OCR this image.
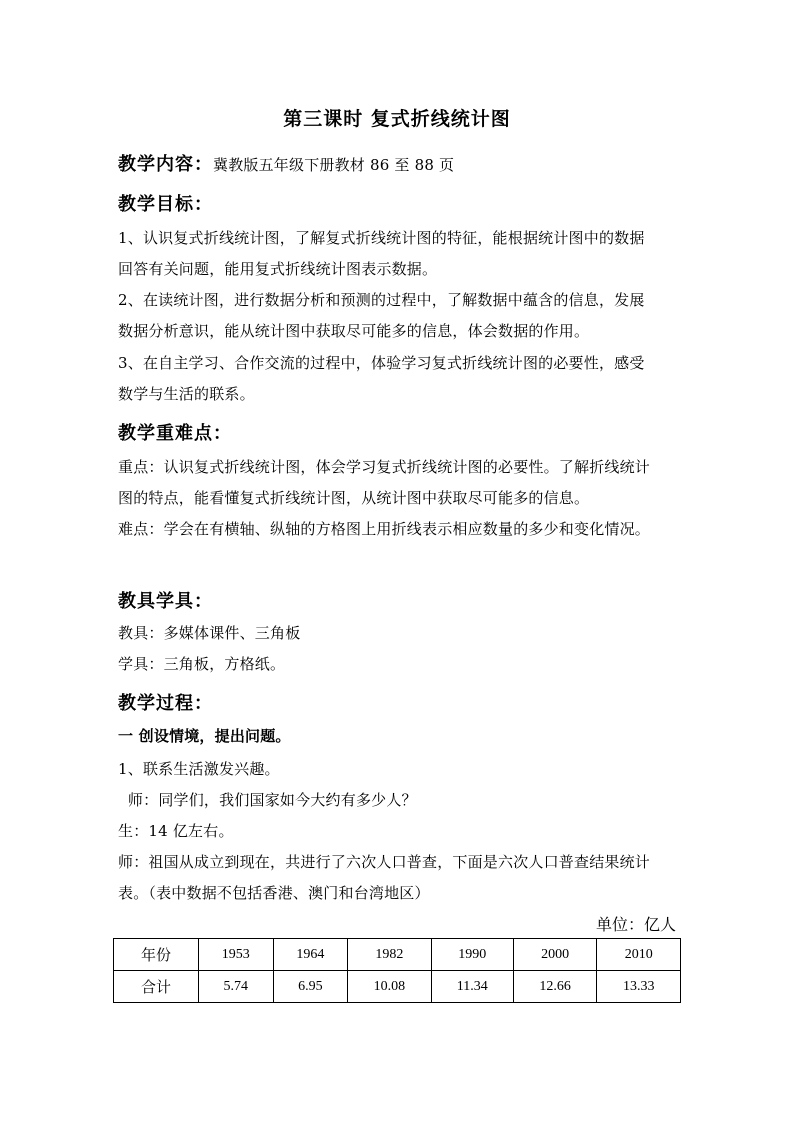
第三课时 复式折线统计图
教学内容：冀教版五年级下册教材 86 至 88 页
教学目标：
1、认识复式折线统计图，了解复式折线统计图的特征，能根据统计图中的数据
回答有关问题，能用复式折线统计图表示数据。
2、在读统计图，进行数据分析和预测的过程中，了解数据中蕴含的信息，发展
数据分析意识，能从统计图中获取尽可能多的信息，体会数据的作用。
3、在自主学习、合作交流的过程中，体验学习复式折线统计图的必要性，感受
数学与生活的联系。
教学重难点：
重点：认识复式折线统计图，体会学习复式折线统计图的必要性。了解折线统计
图的特点，能看懂复式折线统计图，从统计图中获取尽可能多的信息。
难点：学会在有横轴、纵轴的方格图上用折线表示相应数量的多少和变化情况。
教具学具：
教具：多媒体课件、三角板
学具：三角板，方格纸。
教学过程：
一 创设情境，提出问题。
1、联系生活激发兴趣。
师：同学们，我们国家如今大约有多少人？
生：14 亿左右。
师：祖国从成立到现在，共进行了六次人口普查，下面是六次人口普查结果统计
表。（表中数据不包括香港、澳门和台湾地区）
单位：亿人
年份	1953	1964	1982	1990	2000	2010
合计	5.74	6.95	10.08	11.34	12.66	13.33
